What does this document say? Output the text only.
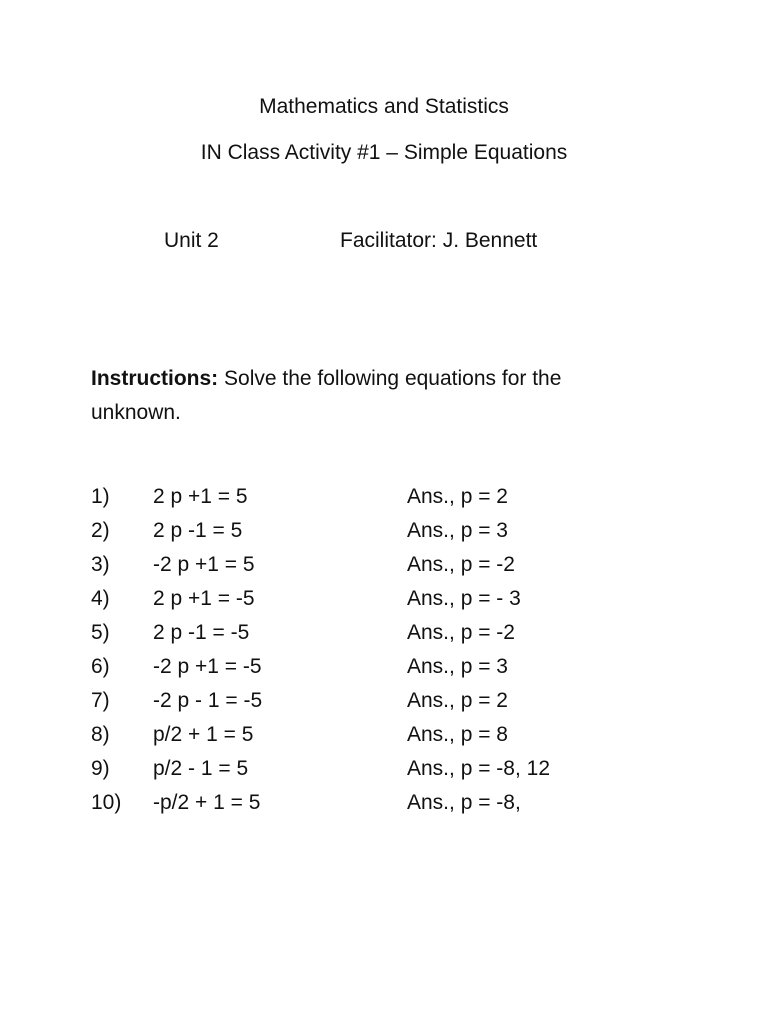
Mathematics and Statistics
IN Class Activity #1 – Simple Equations
Unit 2	Facilitator: J. Bennett
Instructions: Solve the following equations for the unknown.
1) 2 p +1 = 5	Ans., p = 2
2) 2 p -1 = 5	Ans., p = 3
3) -2 p +1 = 5	Ans., p = -2
4) 2 p +1 = -5	Ans., p = - 3
5) 2 p -1 = -5	Ans., p = -2
6) -2 p +1 = -5	Ans., p = 3
7) -2 p - 1 = -5	Ans., p = 2
8) p/2 + 1 = 5	Ans., p = 8
9) p/2 - 1 = 5	Ans., p = -8, 12
10) -p/2 + 1 = 5	Ans., p = -8,
